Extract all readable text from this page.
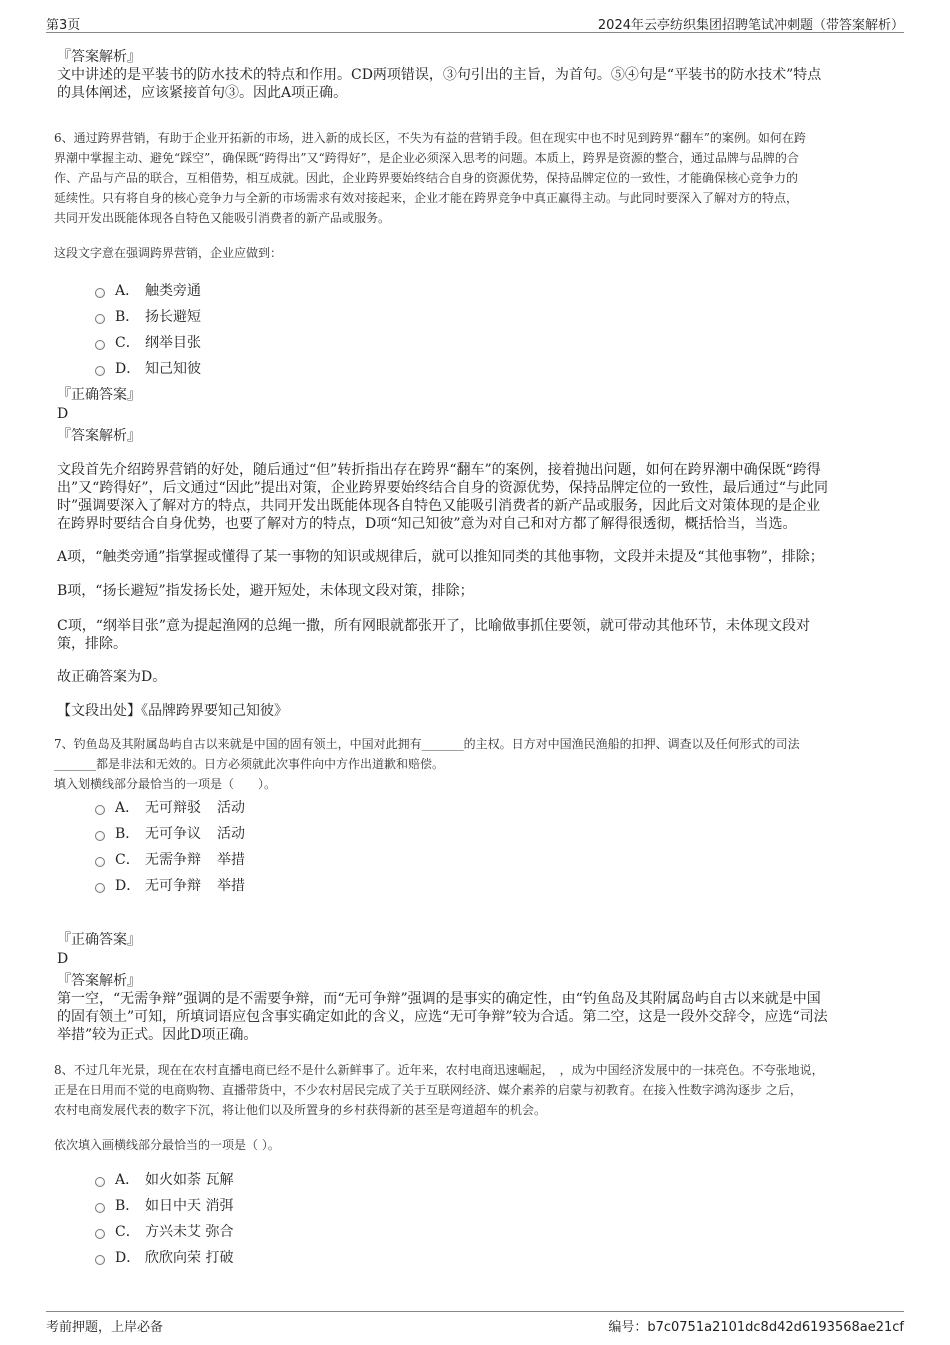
第3页	2024年云亭纺织集团招聘笔试冲刺题（带答案解析）
『答案解析』
文中讲述的是平装书的防水技术的特点和作用。CD两项错误，③句引出的主旨，为首句。⑤④句是“平装书的防水技术”特点
的具体阐述，应该紧接首句③。因此A项正确。
6、通过跨界营销，有助于企业开拓新的市场，进入新的成长区，不失为有益的营销手段。但在现实中也不时见到跨界“翻车”的案例。如何在跨
界潮中掌握主动、避免“踩空”，确保既“跨得出”又“跨得好”，是企业必须深入思考的问题。本质上，跨界是资源的整合，通过品牌与品牌的合
作、产品与产品的联合，互相借势，相互成就。因此，企业跨界要始终结合自身的资源优势，保持品牌定位的一致性，才能确保核心竞争力的
延续性。只有将自身的核心竞争力与全新的市场需求有效对接起来，企业才能在跨界竞争中真正赢得主动。与此同时要深入了解对方的特点，
共同开发出既能体现各自特色又能吸引消费者的新产品或服务。
这段文字意在强调跨界营销，企业应做到：
A． 触类旁通
B． 扬长避短
C． 纲举目张
D． 知己知彼
『正确答案』
D
『答案解析』
文段首先介绍跨界营销的好处，随后通过“但”转折指出存在跨界“翻车”的案例，接着抛出问题，如何在跨界潮中确保既“跨得
出”又“跨得好”，后文通过“因此”提出对策，企业跨界要始终结合自身的资源优势，保持品牌定位的一致性，最后通过“与此同
时”强调要深入了解对方的特点，共同开发出既能体现各自特色又能吸引消费者的新产品或服务，因此后文对策体现的是企业
在跨界时要结合自身优势，也要了解对方的特点，D项“知己知彼”意为对自己和对方都了解得很透彻，概括恰当，当选。
A项，“触类旁通”指掌握或懂得了某一事物的知识或规律后，就可以推知同类的其他事物，文段并未提及“其他事物”，排除；
B项，“扬长避短”指发扬长处，避开短处，未体现文段对策，排除；
C项，“纲举目张”意为提起渔网的总绳一撒，所有网眼就都张开了，比喻做事抓住要领，就可带动其他环节，未体现文段对
策，排除。
故正确答案为D。
【文段出处】《品牌跨界要知己知彼》
7、钓鱼岛及其附属岛屿自古以来就是中国的固有领土，中国对此拥有_______的主权。日方对中国渔民渔船的扣押、调查以及任何形式的司法
_______都是非法和无效的。日方必须就此次事件向中方作出道歉和赔偿。
填入划横线部分最恰当的一项是（　　）。
A． 无可辩驳 活动
B． 无可争议 活动
C． 无需争辩 举措
D． 无可争辩 举措
『正确答案』
D
『答案解析』
第一空，“无需争辩”强调的是不需要争辩，而“无可争辩”强调的是事实的确定性，由“钓鱼岛及其附属岛屿自古以来就是中国
的固有领土”可知，所填词语应包含事实确定如此的含义，应选“无可争辩”较为合适。第二空，这是一段外交辞令，应选“司法
举措”较为正式。因此D项正确。
8、不过几年光景，现在在农村直播电商已经不是什么新鲜事了。近年来，农村电商迅速崛起，　，成为中国经济发展中的一抹亮色。不夸张地说，
正是在日用而不觉的电商购物、直播带货中，不少农村居民完成了关于互联网经济、媒介素养的启蒙与初教育。在接入性数字鸿沟逐步 之后，
农村电商发展代表的数字下沉，将让他们以及所置身的乡村获得新的甚至是弯道超车的机会。
依次填入画横线部分最恰当的一项是（ ）。
A． 如火如荼 瓦解
B． 如日中天 消弭
C． 方兴未艾 弥合
D． 欣欣向荣 打破
考前押题，上岸必备	编号：b7c0751a2101dc8d42d6193568ae21cf
